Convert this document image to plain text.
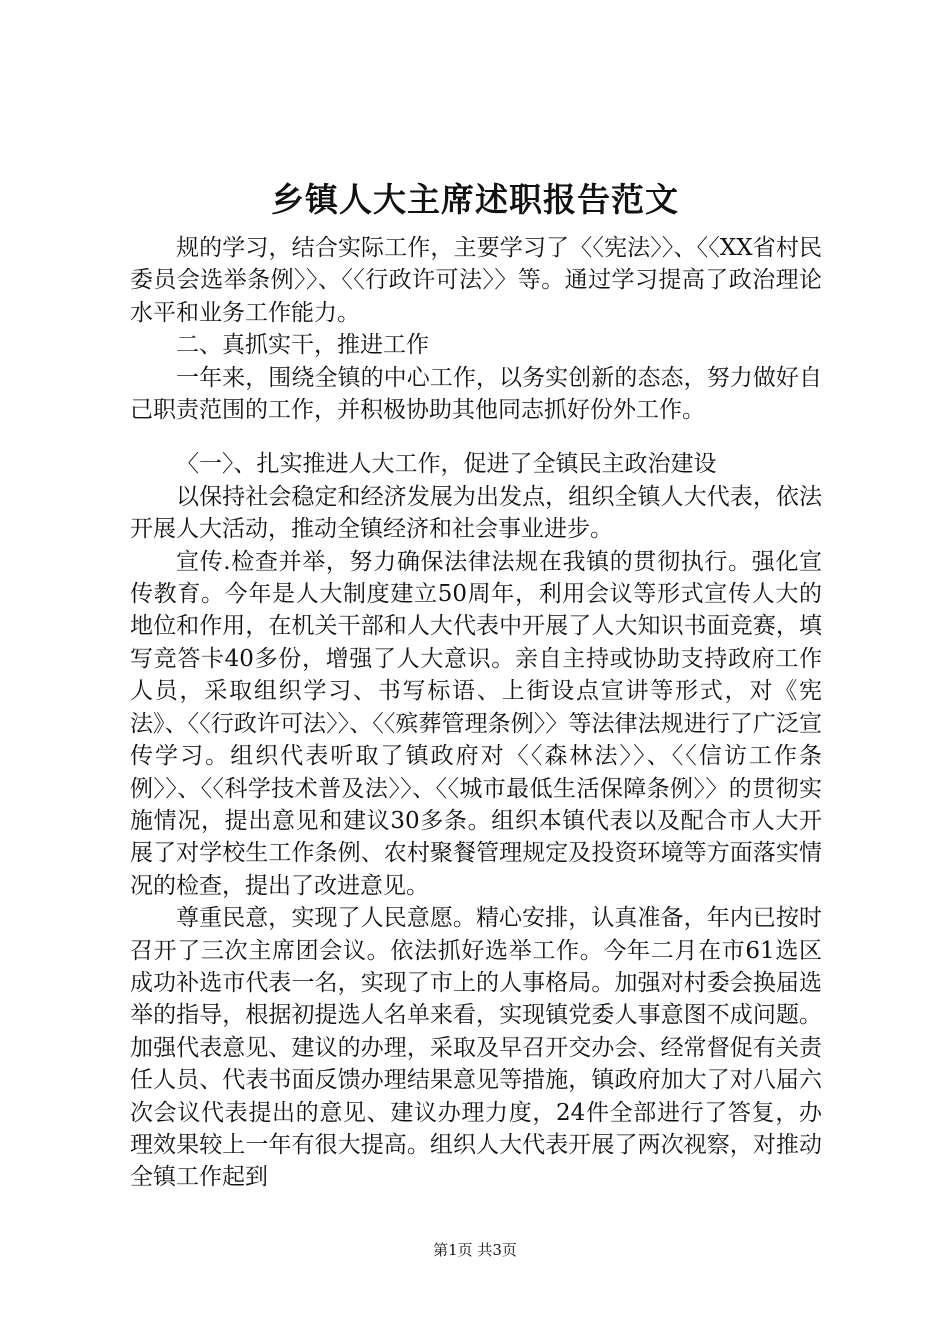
乡镇人大主席述职报告范文

规的学习，结合实际工作，主要学习了〈〈宪法〉〉、〈〈XX省村民委员会选举条例〉〉、〈〈行政许可法〉〉等。通过学习提高了政治理论水平和业务工作能力。

二、真抓实干，推进工作

一年来，围绕全镇的中心工作，以务实创新的态态，努力做好自己职责范围的工作，并积极协助其他同志抓好份外工作。

〈一〉、扎实推进人大工作，促进了全镇民主政治建设

以保持社会稳定和经济发展为出发点，组织全镇人大代表，依法开展人大活动，推动全镇经济和社会事业进步。

宣传.检查并举，努力确保法律法规在我镇的贯彻执行。强化宣传教育。今年是人大制度建立50周年，利用会议等形式宣传人大的地位和作用，在机关干部和人大代表中开展了人大知识书面竞赛，填写竞答卡40多份，增强了人大意识。亲自主持或协助支持政府工作人员，采取组织学习、书写标语、上街设点宣讲等形式，对《宪法》、〈〈行政许可法〉〉、〈〈殡葬管理条例〉〉等法律法规进行了广泛宣传学习。组织代表听取了镇政府对〈〈森林法〉〉、〈〈信访工作条例〉〉、〈〈科学技术普及法〉〉、〈〈城市最低生活保障条例〉〉的贯彻实施情况，提出意见和建议30多条。组织本镇代表以及配合市人大开展了对学校生工作条例、农村聚餐管理规定及投资环境等方面落实情况的检查，提出了改进意见。

尊重民意，实现了人民意愿。精心安排，认真准备，年内已按时召开了三次主席团会议。依法抓好选举工作。今年二月在市61选区成功补选市代表一名，实现了市上的人事格局。加强对村委会换届选举的指导，根据初提选人名单来看，实现镇党委人事意图不成问题。加强代表意见、建议的办理，采取及早召开交办会、经常督促有关责任人员、代表书面反馈办理结果意见等措施，镇政府加大了对八届六次会议代表提出的意见、建议办理力度，24件全部进行了答复，办理效果较上一年有很大提高。组织人大代表开展了两次视察，对推动全镇工作起到

第1页 共3页
